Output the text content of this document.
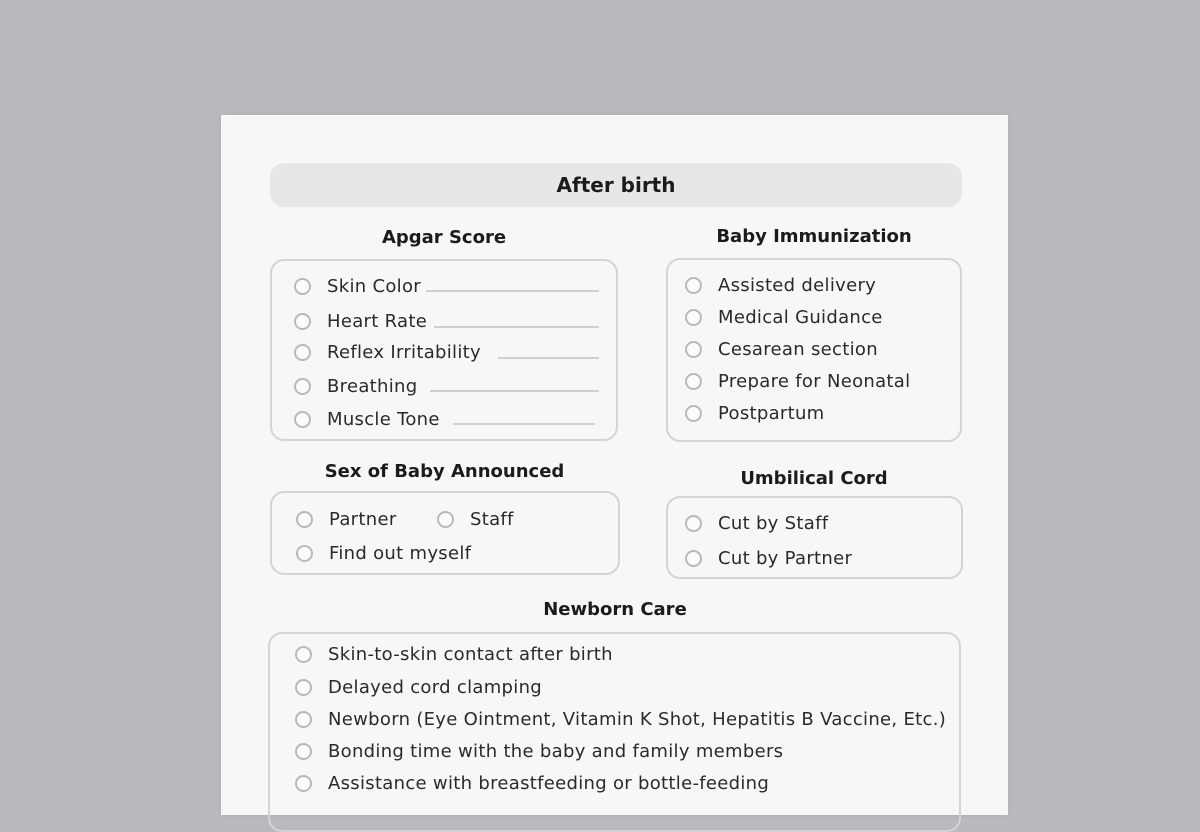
After birth
Apgar Score
Skin Color
Heart Rate
Reflex Irritability
Breathing
Muscle Tone
Baby Immunization
Assisted delivery
Medical Guidance
Cesarean section
Prepare for Neonatal
Postpartum
Sex of Baby Announced
Partner	Staff
Find out myself
Umbilical Cord
Cut by Staff
Cut by Partner
Newborn Care
Skin-to-skin contact after birth
Delayed cord clamping
Newborn (Eye Ointment, Vitamin K Shot, Hepatitis B Vaccine, Etc.)
Bonding time with the baby and family members
Assistance with breastfeeding or bottle-feeding
